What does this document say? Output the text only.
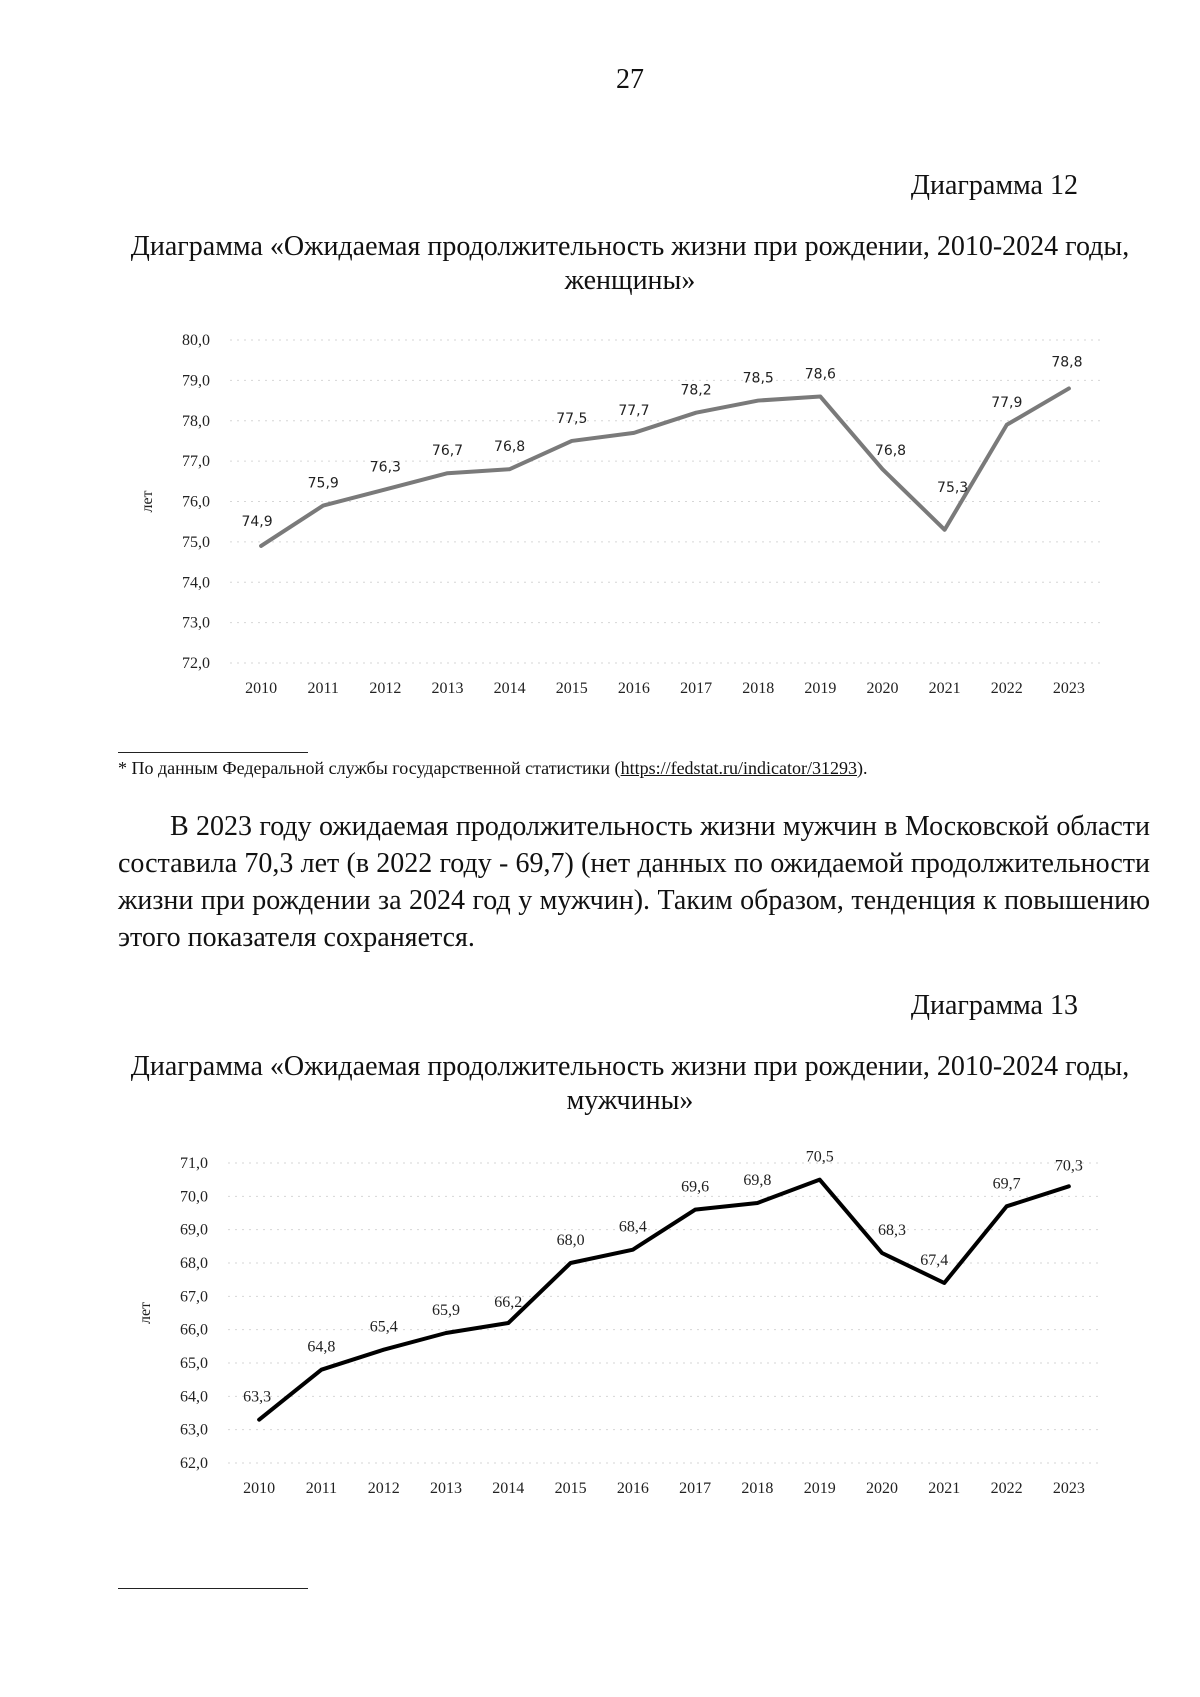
27
Диаграмма 12
Диаграмма «Ожидаемая продолжительность жизни при рождении, 2010-2024 годы, женщины»
72,0
73,0
74,0
75,0
76,0
77,0
78,0
79,0
80,0
лет
2010 2011 2012 2013 2014 2015 2016 2017 2018 2019 2020 2021 2022 2023
74,9
75,9
76,3
76,7 76,8
77,5
77,7
78,2
78,5 78,6
76,8
75,3
77,9
78,8
* По данным Федеральной службы государственной статистики (https://fedstat.ru/indicator/31293).
В 2023 году ожидаемая продолжительность жизни мужчин в Московской области составила 70,3 лет (в 2022 году - 69,7) (нет данных по ожидаемой продолжительности жизни при рождении за 2024 год у мужчин). Таким образом, тенденция к повышению этого показателя сохраняется.
Диаграмма 13
Диаграмма «Ожидаемая продолжительность жизни при рождении, 2010-2024 годы, мужчины»
62,0
63,0
64,0
65,0
66,0
67,0
68,0
69,0
70,0
71,0
лет
2010 2011 2012 2013 2014 2015 2016 2017 2018 2019 2020 2021 2022 2023
63,3
64,8
65,4
65,9 66,2
68,0
68,4
69,6 69,8
70,5
68,3
67,4
69,7
70,3
